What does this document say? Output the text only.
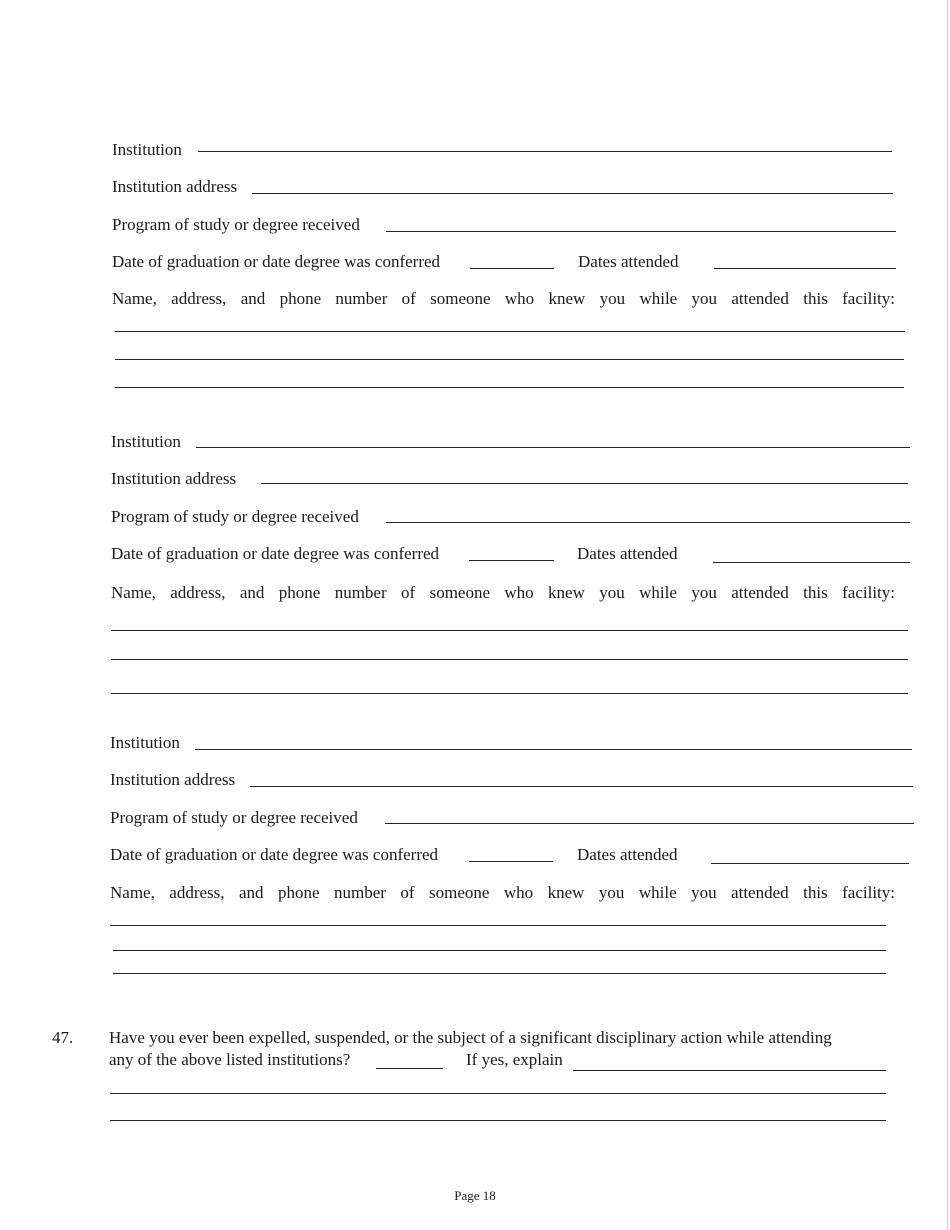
Institution
Institution address
Program of study or degree received
Date of graduation or date degree was conferred	Dates attended
Name, address, and phone number of someone who knew you while you attended this facility:
Institution
Institution address
Program of study or degree received
Date of graduation or date degree was conferred	Dates attended
Name, address, and phone number of someone who knew you while you attended this facility:
Institution
Institution address
Program of study or degree received
Date of graduation or date degree was conferred	Dates attended
Name, address, and phone number of someone who knew you while you attended this facility:
47. Have you ever been expelled, suspended, or the subject of a significant disciplinary action while attending
any of the above listed institutions?	If yes, explain
Page 18
